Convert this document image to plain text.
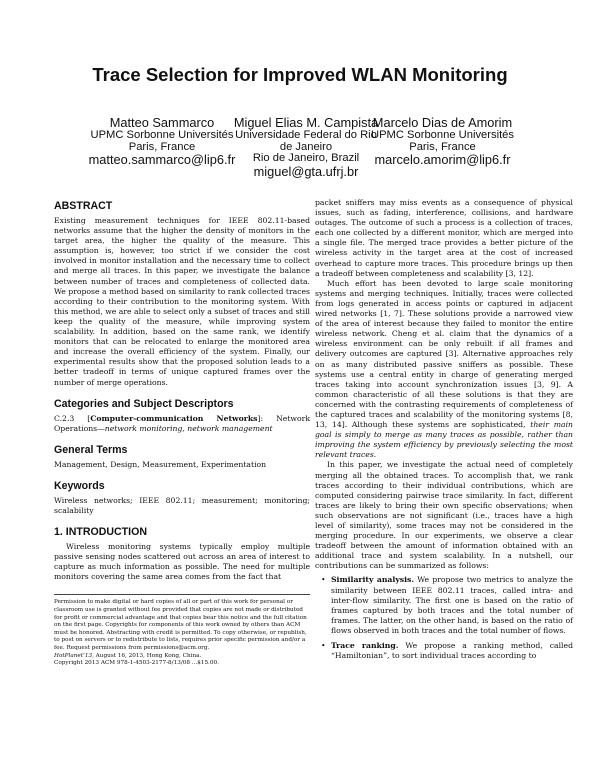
Trace Selection for Improved WLAN Monitoring
Matteo Sammarco
UPMC Sorbonne Universités
Paris, France
matteo.sammarco@lip6.fr
Miguel Elias M. Campista
Universidade Federal do Rio
de Janeiro
Rio de Janeiro, Brazil
miguel@gta.ufrj.br
Marcelo Dias de Amorim
UPMC Sorbonne Universités
Paris, France
marcelo.amorim@lip6.fr
ABSTRACT

Existing measurement techniques for IEEE 802.11-based networks assume that the higher the density of monitors in the target area, the higher the quality of the measure. This assumption is, however, too strict if we consider the cost involved in monitor installation and the necessary time to collect and merge all traces. In this paper, we investigate the balance between number of traces and completeness of collected data. We propose a method based on similarity to rank collected traces according to their contribution to the monitoring system. With this method, we are able to select only a subset of traces and still keep the quality of the measure, while improving system scalability. In addition, based on the same rank, we identify monitors that can be relocated to enlarge the monitored area and increase the overall efficiency of the system. Finally, our experimental results show that the proposed solution leads to a better tradeoff in terms of unique captured frames over the number of merge operations.

Categories and Subject Descriptors

C.2.3 [Computer-communication Networks]: Network Operations—network monitoring, network management

General Terms

Management, Design, Measurement, Experimentation

Keywords

Wireless networks; IEEE 802.11; measurement; monitoring; scalability

1. INTRODUCTION

Wireless monitoring systems typically employ multiple passive sensing nodes scattered out across an area of interest to capture as much information as possible. The need for multiple monitors covering the same area comes from the fact that

Permission to make digital or hard copies of all or part of this work for personal or classroom use is granted without fee provided that copies are not made or distributed for profit or commercial advantage and that copies bear this notice and the full citation on the first page. Copyrights for components of this work owned by others than ACM must be honored. Abstracting with credit is permitted. To copy otherwise, or republish, to post on servers or to redistribute to lists, requires prior specific permission and/or a fee. Request permissions from permissions@acm.org.

HotPlanet’13, August 16, 2013, Hong Kong, China.

Copyright 2013 ACM 978-1-4503-2177-8/13/08 ...$15.00.

packet sniffers may miss events as a consequence of physical issues, such as fading, interference, collisions, and hardware outages. The outcome of such a process is a collection of traces, each one collected by a different monitor, which are merged into a single file. The merged trace provides a better picture of the wireless activity in the target area at the cost of increased overhead to capture more traces. This procedure brings up then a tradeoff between completeness and scalability [3, 12].

Much effort has been devoted to large scale monitoring systems and merging techniques. Initially, traces were collected from logs generated in access points or captured in adjacent wired networks [1, 7]. These solutions provide a narrowed view of the area of interest because they failed to monitor the entire wireless network. Cheng et al. claim that the dynamics of a wireless environment can be only rebuilt if all frames and delivery outcomes are captured [3]. Alternative approaches rely on as many distributed passive sniffers as possible. These systems use a central entity in charge of generating merged traces taking into account synchronization issues [3, 9]. A common characteristic of all these solutions is that they are concerned with the contrasting requirements of completeness of the captured traces and scalability of the monitoring systems [8, 13, 14]. Although these systems are sophisticated, their main goal is simply to merge as many traces as possible, rather than improving the system efficiency by previously selecting the most relevant traces.

In this paper, we investigate the actual need of completely merging all the obtained traces. To accomplish that, we rank traces according to their individual contributions, which are computed considering pairwise trace similarity. In fact, different traces are likely to bring their own specific observations; when such observations are not significant (i.e., traces have a high level of similarity), some traces may not be considered in the merging procedure. In our experiments, we observe a clear tradeoff between the amount of information obtained with an additional trace and system scalability. In a nutshell, our contributions can be summarized as follows:

• Similarity analysis. We propose two metrics to analyze the similarity between IEEE 802.11 traces, called intra- and inter-flow similarity. The first one is based on the ratio of frames captured by both traces and the total number of frames. The latter, on the other hand, is based on the ratio of flows observed in both traces and the total number of flows.
• Trace ranking. We propose a ranking method, called “Hamiltonian”, to sort individual traces according to
